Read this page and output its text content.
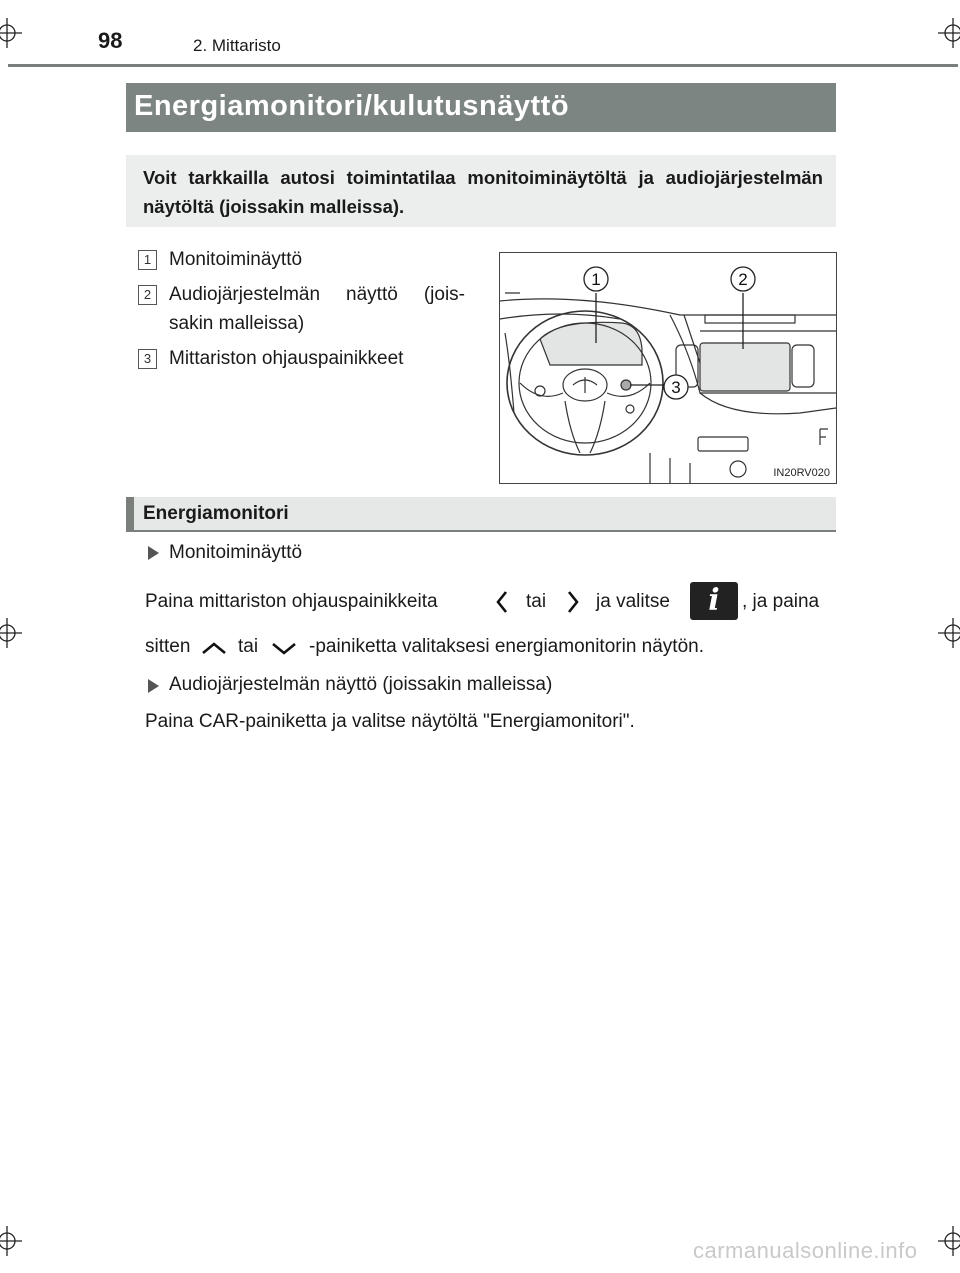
98	2. Mittaristo
Energiamonitori/kulutusnäyttö

Voit tarkkailla autosi toimintatilaa monitoiminäytöltä ja audiojärjestelmän näytöltä (joissakin malleissa).

1 Monitoiminäyttö
2 Audiojärjestelmän näyttö (jois-
sakin malleissa)
3 Mittariston ohjauspainikkeet
1	2
3
IN20RV020
Energiamonitori
Monitoiminäyttö
Paina mittariston ohjauspainikkeita	tai	ja valitse	i	, ja paina
sitten	tai	-painiketta valitaksesi energiamonitorin näytön.
Audiojärjestelmän näyttö (joissakin malleissa)
Paina CAR-painiketta ja valitse näytöltä "Energiamonitori".
carmanualsonline.info
